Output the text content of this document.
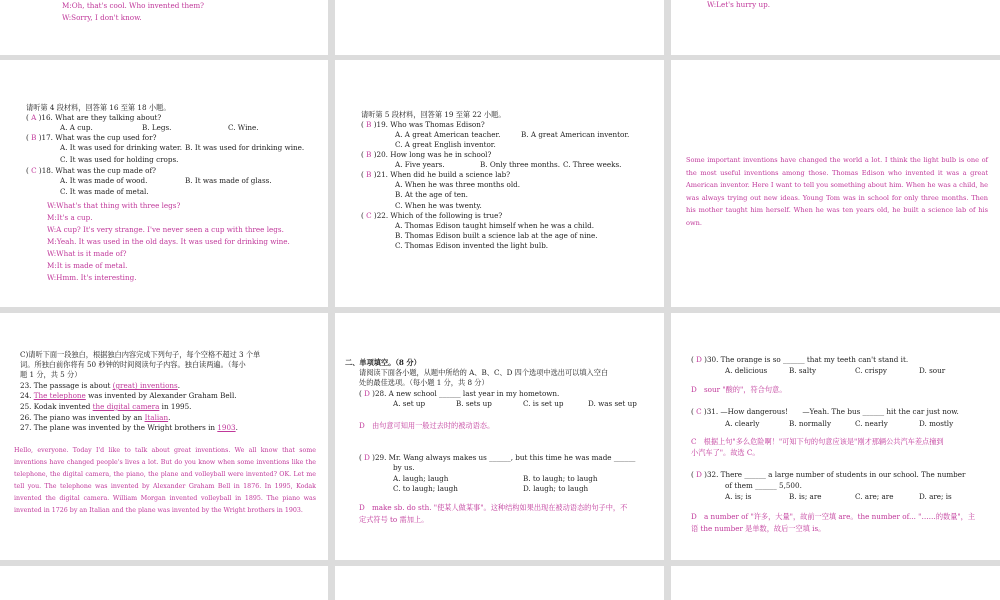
M:Oh, that's cool. Who invented them?
W:Sorry, I don't know.
W:Let's hurry up.
请听第 4 段材料，回答第 16 至第 18 小题。
( A )16. What are they talking about?
A. A cup.	B. Legs.	C. Wine.
( B )17. What was the cup used for?
A. It was used for drinking water. B. It was used for drinking wine.
C. It was used for holding crops.
( C )18. What was the cup made of?
A. It was made of wood.	B. It was made of glass.
C. It was made of metal.
W:What's that thing with three legs?
M:It's a cup.
W:A cup? It's very strange. I've never seen a cup with three legs.
M:Yeah. It was used in the old days. It was used for drinking wine.
W:What is it made of?
M:It is made of metal.
W:Hmm. It's interesting.
请听第 5 段材料，回答第 19 至第 22 小题。
( B )19. Who was Thomas Edison?
A. A great American teacher.	B. A great American inventor.
C. A great English inventor.
( B )20. How long was he in school?
A. Five years.	B. Only three months. C. Three weeks.
( B )21. When did he build a science lab?
A. When he was three months old.
B. At the age of ten.
C. When he was twenty.
( C )22. Which of the following is true?
A. Thomas Edison taught himself when he was a child.
B. Thomas Edison built a science lab at the age of nine.
C. Thomas Edison invented the light bulb.
Some important inventions have changed the world a lot. I think the light bulb is one of the most useful inventions among those. Thomas Edison who invented it was a great American inventor. Here I want to tell you something about him. When he was a child, he was always trying out new ideas. Young Tom was in school for only three months. Then his mother taught him herself. When he was ten years old, he built a science lab of his own.
C)请听下面一段独白，根据独白内容完成下列句子，每个空格不超过 3 个单
词。所独白前你将有 50 秒钟的时间阅读句子内容。独白读两遍。（每小
题 1 分，共 5 分）
23. The passage is about (great) inventions.
24. The telephone was invented by Alexander Graham Bell.
25. Kodak invented the digital camera in 1995.
26. The piano was invented by an Italian.
27. The plane was invented by the Wright brothers in 1903.
Hello, everyone. Today I'd like to talk about great inventions. We all know that some inventions have changed people's lives a lot. But do you know when some inventions like the telephone, the digital camera, the piano, the plane and volleyball were invented? OK. Let me tell you. The telephone was invented by Alexander Graham Bell in 1876. In 1995, Kodak invented the digital camera. William Morgan invented volleyball in 1895. The piano was invented in 1726 by an Italian and the plane was invented by the Wright brothers in 1903.
二、单项填空。（8 分）
请阅读下面各小题，从题中所给的 A、B、C、D 四个选项中选出可以填入空白
处的最佳选项。（每小题 1 分，共 8 分）
( D )28. A new school ______ last year in my hometown.
A. set up	B. sets up	C. is set up	D. was set up
D　由句意可知用一般过去时的被动语态。
( D )29. Mr. Wang always makes us ______, but this time he was made ______
by us.
A. laugh; laugh	B. to laugh; to laugh
C. to laugh; laugh	D. laugh; to laugh
D　make sb. do sth. "使某人做某事"。这种结构如果出现在被动语态的句子中，不
定式符号 to 需加上。
( D )30. The orange is so ______ that my teeth can't stand it.
A. delicious	B. salty	C. crispy	D. sour
D　sour "酸的"，符合句意。
( C )31. —How dangerous!　　—Yeah. The bus ______ hit the car just now.
A. clearly	B. normally	C. nearly	D. mostly
C　根据上句"多么危险啊！"可知下句的句意应该是"刚才那辆公共汽车差点撞到
小汽车了"。故选 C。
( D )32. There ______ a large number of students in our school. The number
of them ______ 5,500.
A. is; is	B. is; are	C. are; are	D. are; is
D　a number of "许多，大量"，故前一空填 are。the number of... "……的数量"，主
语 the number 是单数，故后一空填 is。
